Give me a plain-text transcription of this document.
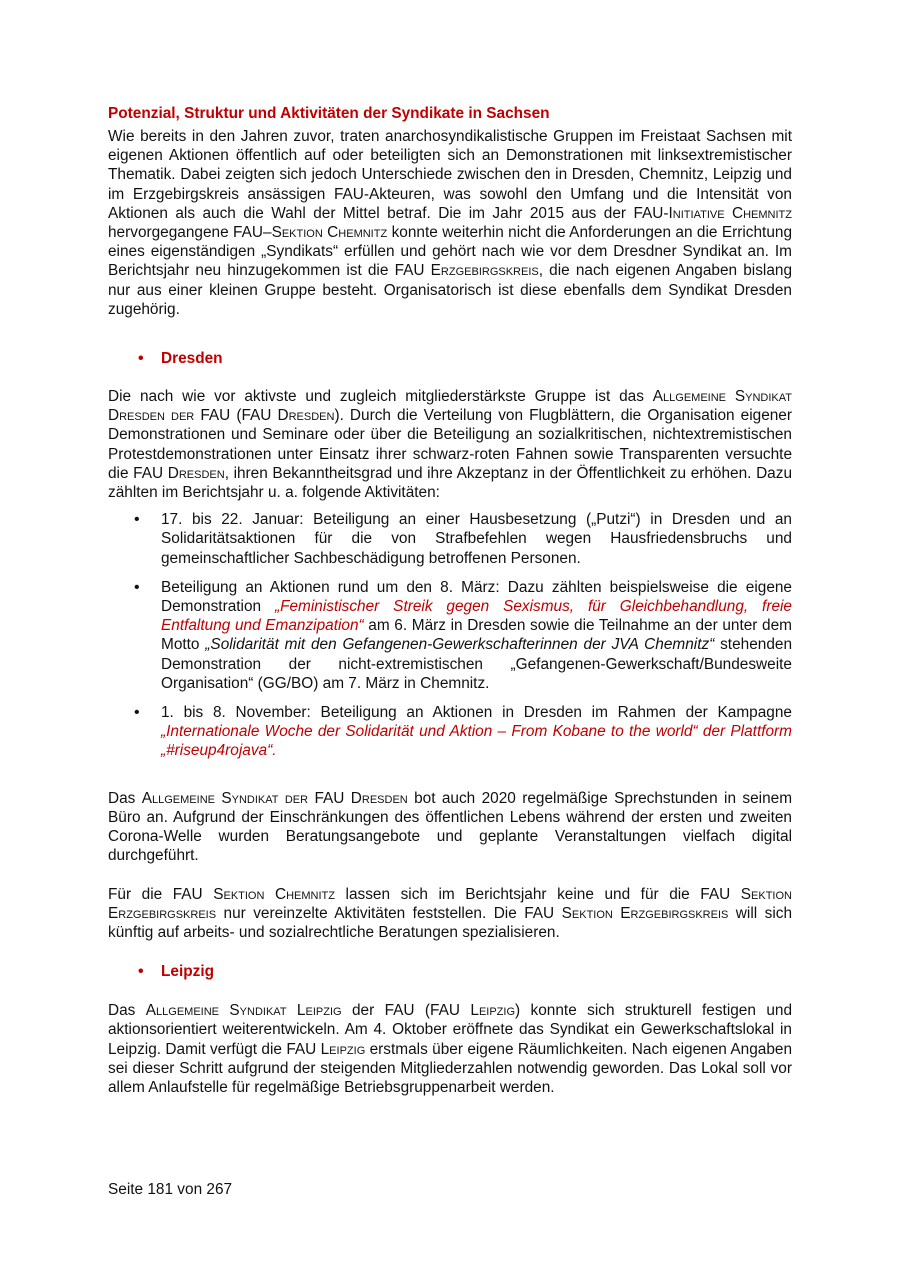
Potenzial, Struktur und Aktivitäten der Syndikate in Sachsen

Wie bereits in den Jahren zuvor, traten anarchosyndikalistische Gruppen im Freistaat Sachsen mit eigenen Aktionen öffentlich auf oder beteiligten sich an Demonstrationen mit linksextremistischer Thematik. Dabei zeigten sich jedoch Unterschiede zwischen den in Dresden, Chemnitz, Leipzig und im Erzgebirgskreis ansässigen FAU-Akteuren, was sowohl den Umfang und die Intensität von Aktionen als auch die Wahl der Mittel betraf. Die im Jahr 2015 aus der FAU-Initiative Chemnitz hervorgegangene FAU–Sektion Chemnitz konnte weiterhin nicht die Anforderungen an die Errichtung eines eigenständigen „Syndikats“ erfüllen und gehört nach wie vor dem Dresdner Syndikat an. Im Berichtsjahr neu hinzugekommen ist die FAU Erzgebirgskreis, die nach eigenen Angaben bislang nur aus einer kleinen Gruppe besteht. Organisatorisch ist diese ebenfalls dem Syndikat Dresden zugehörig.

•	Dresden

Die nach wie vor aktivste und zugleich mitgliederstärkste Gruppe ist das Allgemeine Syndikat Dresden der FAU (FAU Dresden). Durch die Verteilung von Flugblättern, die Organisation eigener Demonstrationen und Seminare oder über die Beteiligung an sozialkritischen, nichtextremistischen Protestdemonstrationen unter Einsatz ihrer schwarz-roten Fahnen sowie Transparenten versuchte die FAU Dresden, ihren Bekanntheitsgrad und ihre Akzeptanz in der Öffentlichkeit zu erhöhen. Dazu zählten im Berichtsjahr u. a. folgende Aktivitäten:

• 17. bis 22. Januar: Beteiligung an einer Hausbesetzung („Putzi“) in Dresden und an Solidaritätsaktionen für die von Strafbefehlen wegen Hausfriedensbruchs und gemeinschaftlicher Sachbeschädigung betroffenen Personen.
• Beteiligung an Aktionen rund um den 8. März: Dazu zählten beispielsweise die eigene Demonstration „Feministischer Streik gegen Sexismus, für Gleichbehandlung, freie Entfaltung und Emanzipation“ am 6. März in Dresden sowie die Teilnahme an der unter dem Motto „Solidarität mit den Gefangenen-Gewerkschafterinnen der JVA Chemnitz“ stehenden Demonstration der nicht-extremistischen „Gefangenen-Gewerkschaft/Bundesweite Organisation“ (GG/BO) am 7. März in Chemnitz.
• 1. bis 8. November: Beteiligung an Aktionen in Dresden im Rahmen der Kampagne „Internationale Woche der Solidarität und Aktion – From Kobane to the world“ der Plattform „#riseup4rojava“.

Das Allgemeine Syndikat der FAU Dresden bot auch 2020 regelmäßige Sprechstunden in seinem Büro an. Aufgrund der Einschränkungen des öffentlichen Lebens während der ersten und zweiten Corona-Welle wurden Beratungsangebote und geplante Veranstaltungen vielfach digital durchgeführt.

Für die FAU Sektion Chemnitz lassen sich im Berichtsjahr keine und für die FAU Sektion Erzgebirgskreis nur vereinzelte Aktivitäten feststellen. Die FAU Sektion Erzgebirgskreis will sich künftig auf arbeits- und sozialrechtliche Beratungen spezialisieren.

•	Leipzig

Das Allgemeine Syndikat Leipzig der FAU (FAU Leipzig) konnte sich strukturell festigen und aktionsorientiert weiterentwickeln. Am 4. Oktober eröffnete das Syndikat ein Gewerkschaftslokal in Leipzig. Damit verfügt die FAU Leipzig erstmals über eigene Räumlichkeiten. Nach eigenen Angaben sei dieser Schritt aufgrund der steigenden Mitgliederzahlen notwendig geworden. Das Lokal soll vor allem Anlaufstelle für regelmäßige Betriebsgruppenarbeit werden.

Seite 181 von 267
